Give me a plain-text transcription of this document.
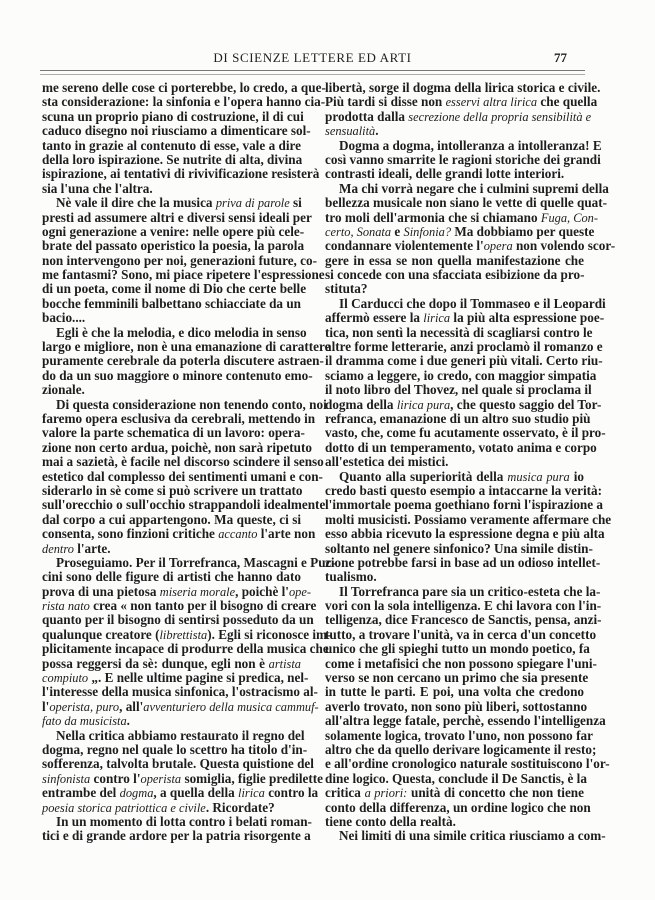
DI SCIENZE LETTERE ED ARTI	77
me sereno delle cose ci porterebbe, lo credo, a que-
sta considerazione: la sinfonia e l'opera hanno cia-
scuna un proprio piano di costruzione, il di cui
caduco disegno noi riusciamo a dimenticare sol-
tanto in grazie al contenuto di esse, vale a dire
della loro ispirazione. Se nutrite di alta, divina
ispirazione, ai tentativi di rivivificazione resisterà
sia l'una che l'altra.
Nè vale il dire che la musica priva di parole si
presti ad assumere altri e diversi sensi ideali per
ogni generazione a venire: nelle opere più cele-
brate del passato operistico la poesia, la parola
non intervengono per noi, generazioni future, co-
me fantasmi? Sono, mi piace ripetere l'espressione
di un poeta, come il nome di Dio che certe belle
bocche femminili balbettano schiacciate da un
bacio....
Egli è che la melodia, e dico melodia in senso
largo e migliore, non è una emanazione di carattere
puramente cerebrale da poterla discutere astraen-
do da un suo maggiore o minore contenuto emo-
zionale.
Di questa considerazione non tenendo conto, noi
faremo opera esclusiva da cerebrali, mettendo in
valore la parte schematica di un lavoro: opera-
zione non certo ardua, poichè, non sarà ripetuto
mai a sazietà, è facile nel discorso scindere il senso
estetico dal complesso dei sentimenti umani e con-
siderarlo in sè come si può scrivere un trattato
sull'orecchio o sull'occhio strappandoli idealmente
dal corpo a cui appartengono. Ma queste, ci si
consenta, sono finzioni critiche accanto l'arte non
dentro l'arte.
Proseguiamo. Per il Torrefranca, Mascagni e Puc-
cini sono delle figure di artisti che hanno dato
prova di una pietosa miseria morale, poichè l'ope-
rista nato crea « non tanto per il bisogno di creare
quanto per il bisogno di sentirsi posseduto da un
qualunque creatore (librettista). Egli si riconosce im-
plicitamente incapace di produrre della musica che
possa reggersi da sè: dunque, egli non è artista
compiuto „. E nelle ultime pagine si predica, nel-
l'interesse della musica sinfonica, l'ostracismo al-
l'operista, puro, all'avventuriero della musica cammuf-
fato da musicista.
Nella critica abbiamo restaurato il regno del
dogma, regno nel quale lo scettro ha titolo d'in-
sofferenza, talvolta brutale. Questa quistione del
sinfonista contro l'operista somiglia, figlie predilette
entrambe del dogma, a quella della lirica contro la
poesia storica patriottica e civile. Ricordate?
In un momento di lotta contro i belati roman-
tici e di grande ardore per la patria risorgente a
libertà, sorge il dogma della lirica storica e civile.
Più tardi si disse non esservi altra lirica che quella
prodotta dalla secrezione della propria sensibilità e
sensualità.
Dogma a dogma, intolleranza a intolleranza! E
così vanno smarrite le ragioni storiche dei grandi
contrasti ideali, delle grandi lotte interiori.
Ma chi vorrà negare che i culmini supremi della
bellezza musicale non siano le vette di quelle quat-
tro moli dell'armonia che si chiamano Fuga, Con-
certo, Sonata e Sinfonia? Ma dobbiamo per queste
condannare violentemente l'opera non volendo scor-
gere in essa se non quella manifestazione che
si concede con una sfacciata esibizione da pro-
stituta?
Il Carducci che dopo il Tommaseo e il Leopardi
affermò essere la lirica la più alta espressione poe-
tica, non sentì la necessità di scagliarsi contro le
altre forme letterarie, anzi proclamò il romanzo e
il dramma come i due generi più vitali. Certo riu-
sciamo a leggere, io credo, con maggior simpatia
il noto libro del Thovez, nel quale si proclama il
dogma della lirica pura, che questo saggio del Tor-
refranca, emanazione di un altro suo studio più
vasto, che, come fu acutamente osservato, è il pro-
dotto di un temperamento, votato anima e corpo
all'estetica dei mistici.
Quanto alla superiorità della musica pura io
credo basti questo esempio a intaccarne la verità:
l'immortale poema goethiano fornì l'ispirazione a
molti musicisti. Possiamo veramente affermare che
esso abbia ricevuto la espressione degna e più alta
soltanto nel genere sinfonico? Una simile distin-
zione potrebbe farsi in base ad un odioso intellet-
tualismo.
Il Torrefranca pare sia un critico-esteta che la-
vori con la sola intelligenza. E chi lavora con l'in-
telligenza, dice Francesco de Sanctis, pensa, anzi-
tutto, a trovare l'unità, va in cerca d'un concetto
unico che gli spieghi tutto un mondo poetico, fa
come i metafisici che non possono spiegare l'uni-
verso se non cercano un primo che sia presente
in tutte le parti. E poi, una volta che credono
averlo trovato, non sono più liberi, sottostanno
all'altra legge fatale, perchè, essendo l'intelligenza
solamente logica, trovato l'uno, non possono far
altro che da quello derivare logicamente il resto;
e all'ordine cronologico naturale sostituiscono l'or-
dine logico. Questa, conclude il De Sanctis, è la
critica a priori: unità di concetto che non tiene
conto della differenza, un ordine logico che non
tiene conto della realtà.
Nei limiti di una simile critica riusciamo a com-
